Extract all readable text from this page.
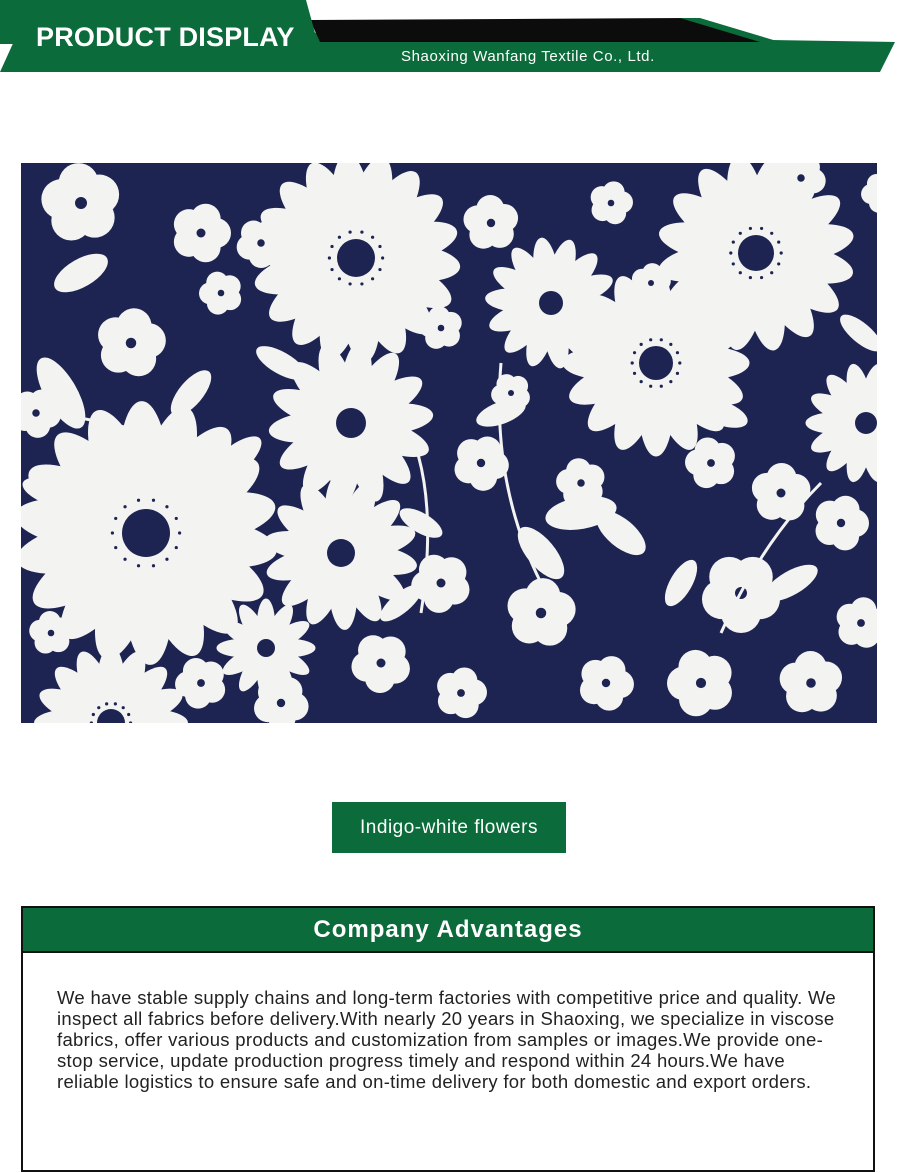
PRODUCT DISPLAY
Shaoxing Wanfang Textile Co., Ltd.
Indigo-white flowers
Company Advantages
We have stable supply chains and long-term factories with competitive price and quality. We inspect all fabrics before delivery.With nearly 20 years in Shaoxing, we specialize in viscose fabrics, offer various products and customization from samples or images.We provide one-stop service, update production progress timely and respond within 24 hours.We have reliable logistics to ensure safe and on-time delivery for both domestic and export orders.
